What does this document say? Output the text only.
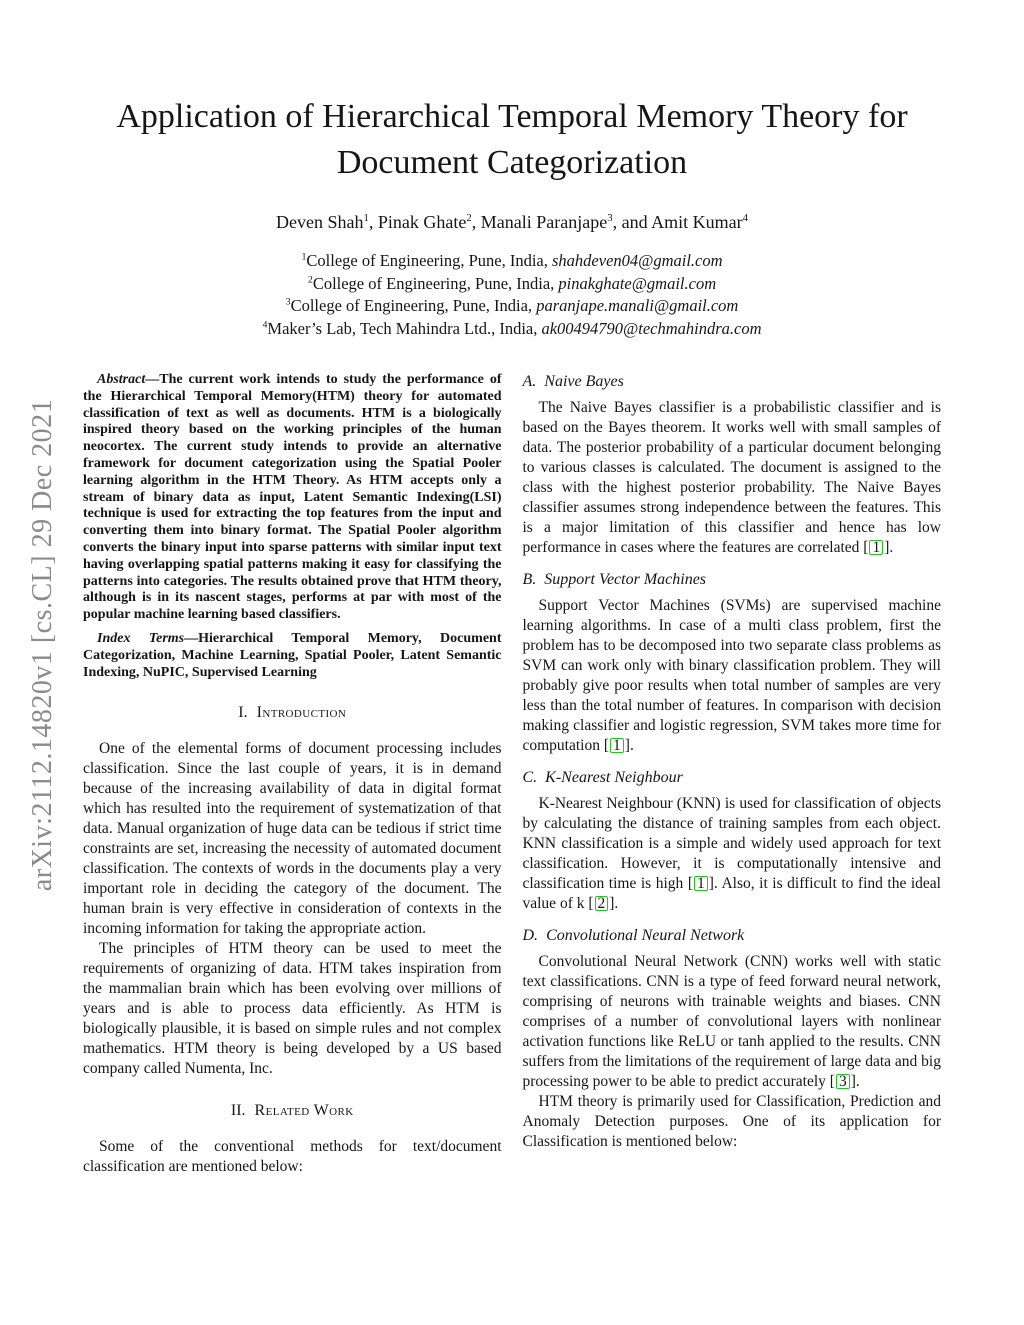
arXiv:2112.14820v1 [cs.CL] 29 Dec 2021
Application of Hierarchical Temporal Memory Theory for Document Categorization
Deven Shah$^1$, Pinak Ghate$^2$, Manali Paranjape$^3$, and Amit Kumar$^4$
$^1$College of Engineering, Pune, India, shahdeven04@gmail.com
$^2$College of Engineering, Pune, India, pinakghate@gmail.com
$^3$College of Engineering, Pune, India, paranjape.manali@gmail.com
$^4$Maker’s Lab, Tech Mahindra Ltd., India, ak00494790@techmahindra.com

Abstract—The current work intends to study the performance of the Hierarchical Temporal Memory(HTM) theory for automated classification of text as well as documents. HTM is a biologically inspired theory based on the working principles of the human neocortex. The current study intends to provide an alternative framework for document categorization using the Spatial Pooler learning algorithm in the HTM Theory. As HTM accepts only a stream of binary data as input, Latent Semantic Indexing(LSI) technique is used for extracting the top features from the input and converting them into binary format. The Spatial Pooler algorithm converts the binary input into sparse patterns with similar input text having overlapping spatial patterns making it easy for classifying the patterns into categories. The results obtained prove that HTM theory, although is in its nascent stages, performs at par with most of the popular machine learning based classifiers.

Index Terms—Hierarchical Temporal Memory, Document Categorization, Machine Learning, Spatial Pooler, Latent Semantic Indexing, NuPIC, Supervised Learning

I. Introduction

One of the elemental forms of document processing includes classification. Since the last couple of years, it is in demand because of the increasing availability of data in digital format which has resulted into the requirement of systematization of that data. Manual organization of huge data can be tedious if strict time constraints are set, increasing the necessity of automated document classification. The contexts of words in the documents play a very important role in deciding the category of the document. The human brain is very effective in consideration of contexts in the incoming information for taking the appropriate action.

The principles of HTM theory can be used to meet the requirements of organizing of data. HTM takes inspiration from the mammalian brain which has been evolving over millions of years and is able to process data efficiently. As HTM is biologically plausible, it is based on simple rules and not complex mathematics. HTM theory is being developed by a US based company called Numenta, Inc.

II. Related Work

Some of the conventional methods for text/document classification are mentioned below:

A. Naive Bayes

The Naive Bayes classifier is a probabilistic classifier and is based on the Bayes theorem. It works well with small samples of data. The posterior probability of a particular document belonging to various classes is calculated. The document is assigned to the class with the highest posterior probability. The Naive Bayes classifier assumes strong independence between the features. This is a major limitation of this classifier and hence has low performance in cases where the features are correlated [ 1 ].

B. Support Vector Machines

Support Vector Machines (SVMs) are supervised machine learning algorithms. In case of a multi class problem, first the problem has to be decomposed into two separate class problems as SVM can work only with binary classification problem. They will probably give poor results when total number of samples are very less than the total number of features. In comparison with decision making classifier and logistic regression, SVM takes more time for computation [ 1 ].

C. K-Nearest Neighbour

K-Nearest Neighbour (KNN) is used for classification of objects by calculating the distance of training samples from each object. KNN classification is a simple and widely used approach for text classification. However, it is computationally intensive and classification time is high [ 1 ]. Also, it is difficult to find the ideal value of k [ 2 ].

D. Convolutional Neural Network

Convolutional Neural Network (CNN) works well with static text classifications. CNN is a type of feed forward neural network, comprising of neurons with trainable weights and biases. CNN comprises of a number of convolutional layers with nonlinear activation functions like ReLU or tanh applied to the results. CNN suffers from the limitations of the requirement of large data and big processing power to be able to predict accurately [ 3 ].

HTM theory is primarily used for Classification, Prediction and Anomaly Detection purposes. One of its application for Classification is mentioned below:
